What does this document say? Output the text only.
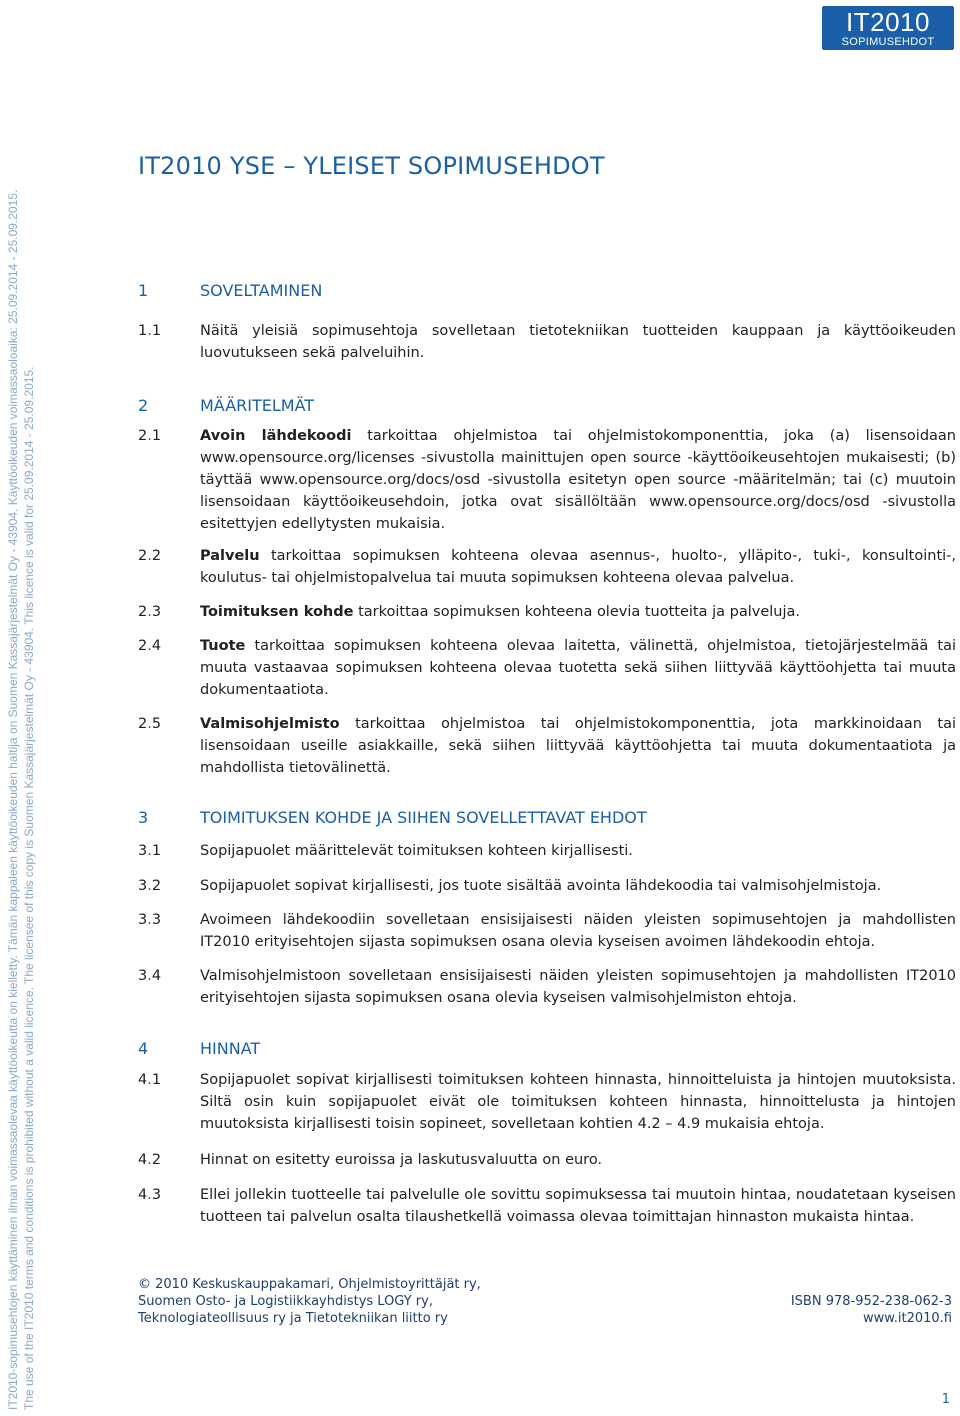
IT2010
SOPIMUSEHDOT
IT2010-sopimusehtojen käyttäminen ilman voimassaolevaa käyttöoikeutta on kielletty. Tämän kappaleen käyttöoikeuden haltija on Suomen Kassajärjestelmät Oy - 43904. Käyttöoikeuden voimassaoloaika: 25.09.2014 - 25.09.2015. The use of the IT2010 terms and conditions is prohibited without a valid licence. The licensee of this copy is Suomen Kassajärjestelmät Oy - 43904. This licence is valid for 25.09.2014 - 25.09.2015.
IT2010 YSE – YLEISET SOPIMUSEHDOT
1	SOVELTAMINEN
1.1	Näitä yleisiä sopimusehtoja sovelletaan tietotekniikan tuotteiden kauppaan ja käyttöoikeuden luovutukseen sekä palveluihin.
2	MÄÄRITELMÄT
2.1	Avoin lähdekoodi tarkoittaa ohjelmistoa tai ohjelmistokomponenttia, joka (a) lisensoidaan www.opensource.org/licenses -sivustolla mainittujen open source -käyttöoikeusehtojen mukaisesti; (b) täyttää www.opensource.org/docs/osd -sivustolla esitetyn open source -määritelmän; tai (c) muutoin lisensoidaan käyttöoikeusehdoin, jotka ovat sisällöltään www.opensource.org/docs/osd -sivustolla esitettyjen edellytysten mukaisia.
2.2	Palvelu tarkoittaa sopimuksen kohteena olevaa asennus-, huolto-, ylläpito-, tuki-, konsultointi-, koulutus- tai ohjelmistopalvelua tai muuta sopimuksen kohteena olevaa palvelua.
2.3	Toimituksen kohde tarkoittaa sopimuksen kohteena olevia tuotteita ja palveluja.
2.4	Tuote tarkoittaa sopimuksen kohteena olevaa laitetta, välinettä, ohjelmistoa, tietojärjestelmää tai muuta vastaavaa sopimuksen kohteena olevaa tuotetta sekä siihen liittyvää käyttöohjetta tai muuta dokumentaatiota.
2.5	Valmisohjelmisto tarkoittaa ohjelmistoa tai ohjelmistokomponenttia, jota markkinoidaan tai lisensoidaan useille asiakkaille, sekä siihen liittyvää käyttöohjetta tai muuta dokumentaatiota ja mahdollista tietovälinettä.
3	TOIMITUKSEN KOHDE JA SIIHEN SOVELLETTAVAT EHDOT
3.1	Sopijapuolet määrittelevät toimituksen kohteen kirjallisesti.
3.2	Sopijapuolet sopivat kirjallisesti, jos tuote sisältää avointa lähdekoodia tai valmisohjelmistoja.
3.3	Avoimeen lähdekoodiin sovelletaan ensisijaisesti näiden yleisten sopimusehtojen ja mahdollisten IT2010 erityisehtojen sijasta sopimuksen osana olevia kyseisen avoimen lähdekoodin ehtoja.
3.4	Valmisohjelmistoon sovelletaan ensisijaisesti näiden yleisten sopimusehtojen ja mahdollisten IT2010 erityisehtojen sijasta sopimuksen osana olevia kyseisen valmisohjelmiston ehtoja.
4	HINNAT
4.1	Sopijapuolet sopivat kirjallisesti toimituksen kohteen hinnasta, hinnoitteluista ja hintojen muutoksista. Siltä osin kuin sopijapuolet eivät ole toimituksen kohteen hinnasta, hinnoittelusta ja hintojen muutoksista kirjallisesti toisin sopineet, sovelletaan kohtien 4.2 – 4.9 mukaisia ehtoja.
4.2	Hinnat on esitetty euroissa ja laskutusvaluutta on euro.
4.3	Ellei jollekin tuotteelle tai palvelulle ole sovittu sopimuksessa tai muutoin hintaa, noudatetaan kyseisen tuotteen tai palvelun osalta tilaushetkellä voimassa olevaa toimittajan hinnaston mukaista hintaa.
© 2010 Keskuskauppakamari, Ohjelmistoyrittäjät ry,
Suomen Osto- ja Logistiikkayhdistys LOGY ry,
Teknologiateollisuus ry ja Tietotekniikan liitto ry
ISBN 978-952-238-062-3
www.it2010.fi
1
